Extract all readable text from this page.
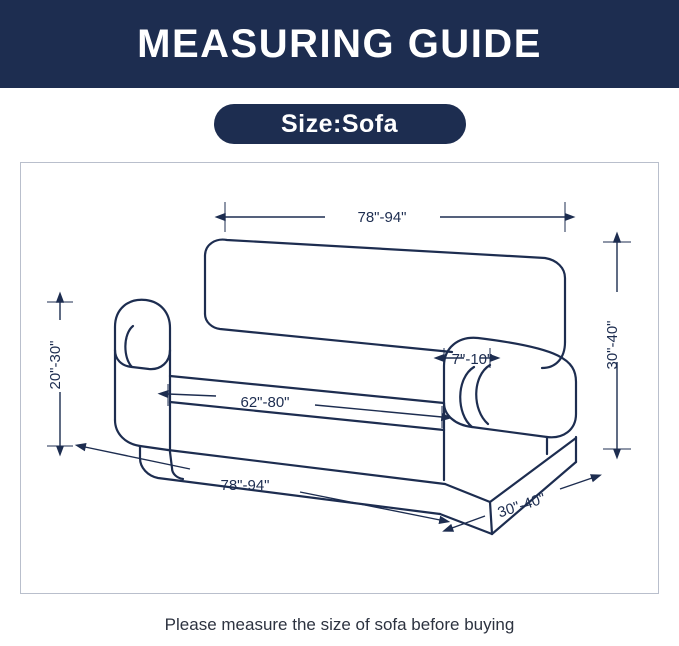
MEASURING GUIDE
Size:Sofa
78"-94"
30"-40"
20"-30"	7"-10"
62"-80"
78"-94"
30"-40"
Please measure the size of sofa before buying
